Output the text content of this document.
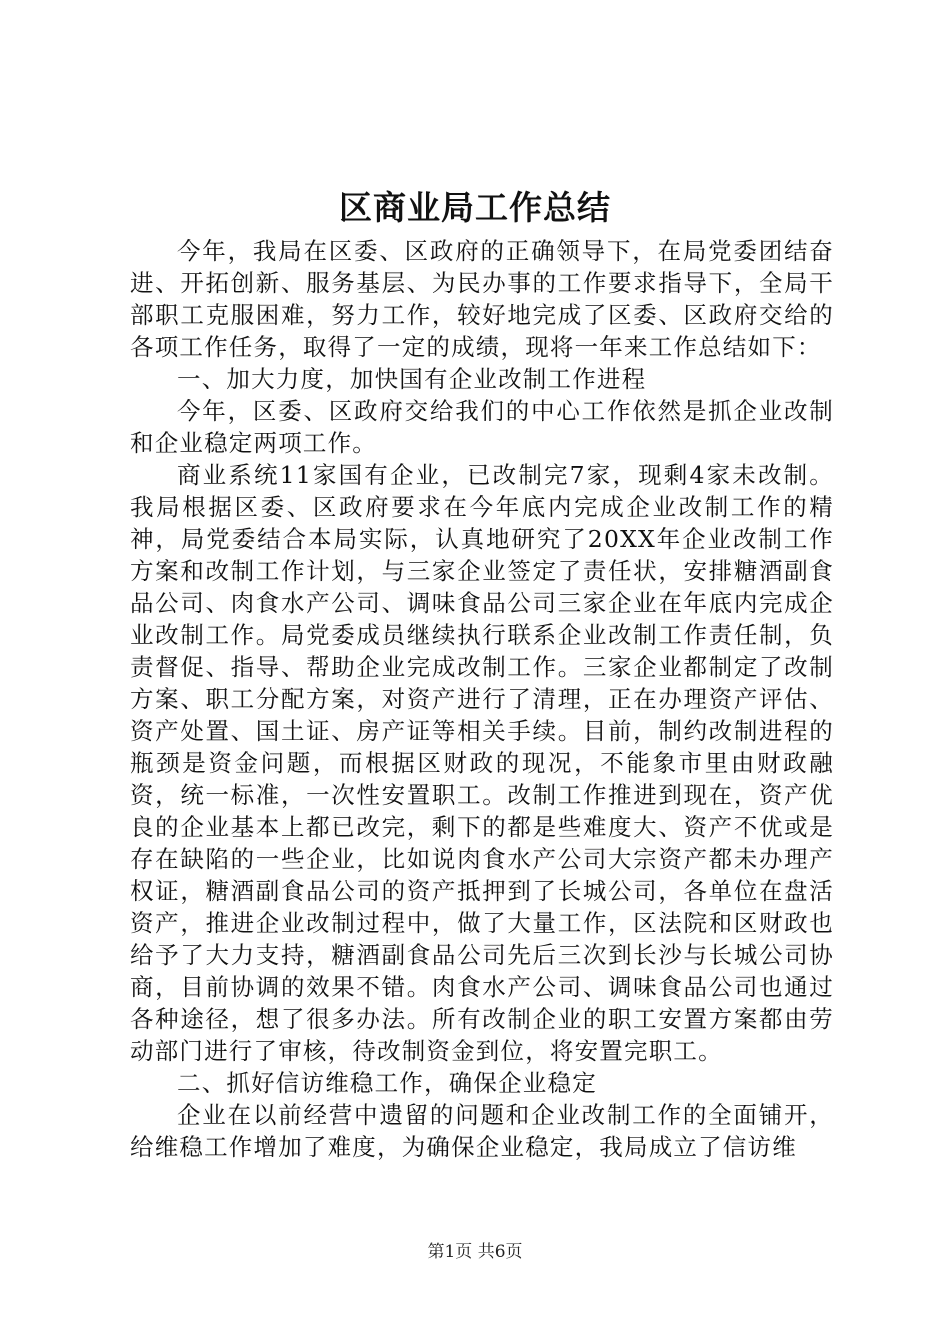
区商业局工作总结

今年，我局在区委、区政府的正确领导下，在局党委团结奋进、开拓创新、服务基层、为民办事的工作要求指导下，全局干部职工克服困难，努力工作，较好地完成了区委、区政府交给的各项工作任务，取得了一定的成绩，现将一年来工作总结如下：

一、加大力度，加快国有企业改制工作进程

今年，区委、区政府交给我们的中心工作依然是抓企业改制和企业稳定两项工作。

商业系统11家国有企业，已改制完7家，现剩4家未改制。我局根据区委、区政府要求在今年底内完成企业改制工作的精神，局党委结合本局实际，认真地研究了20XX年企业改制工作方案和改制工作计划，与三家企业签定了责任状，安排糖酒副食品公司、肉食水产公司、调味食品公司三家企业在年底内完成企业改制工作。局党委成员继续执行联系企业改制工作责任制，负责督促、指导、帮助企业完成改制工作。三家企业都制定了改制方案、职工分配方案，对资产进行了清理，正在办理资产评估、资产处置、国土证、房产证等相关手续。目前，制约改制进程的瓶颈是资金问题，而根据区财政的现况，不能象市里由财政融资，统一标准，一次性安置职工。改制工作推进到现在，资产优良的企业基本上都已改完，剩下的都是些难度大、资产不优或是存在缺陷的一些企业，比如说肉食水产公司大宗资产都未办理产权证，糖酒副食品公司的资产抵押到了长城公司，各单位在盘活资产，推进企业改制过程中，做了大量工作，区法院和区财政也给予了大力支持，糖酒副食品公司先后三次到长沙与长城公司协商，目前协调的效果不错。肉食水产公司、调味食品公司也通过各种途径，想了很多办法。所有改制企业的职工安置方案都由劳动部门进行了审核，待改制资金到位，将安置完职工。

二、抓好信访维稳工作，确保企业稳定

企业在以前经营中遗留的问题和企业改制工作的全面铺开，给维稳工作增加了难度，为确保企业稳定，我局成立了信访维

第1页 共6页
